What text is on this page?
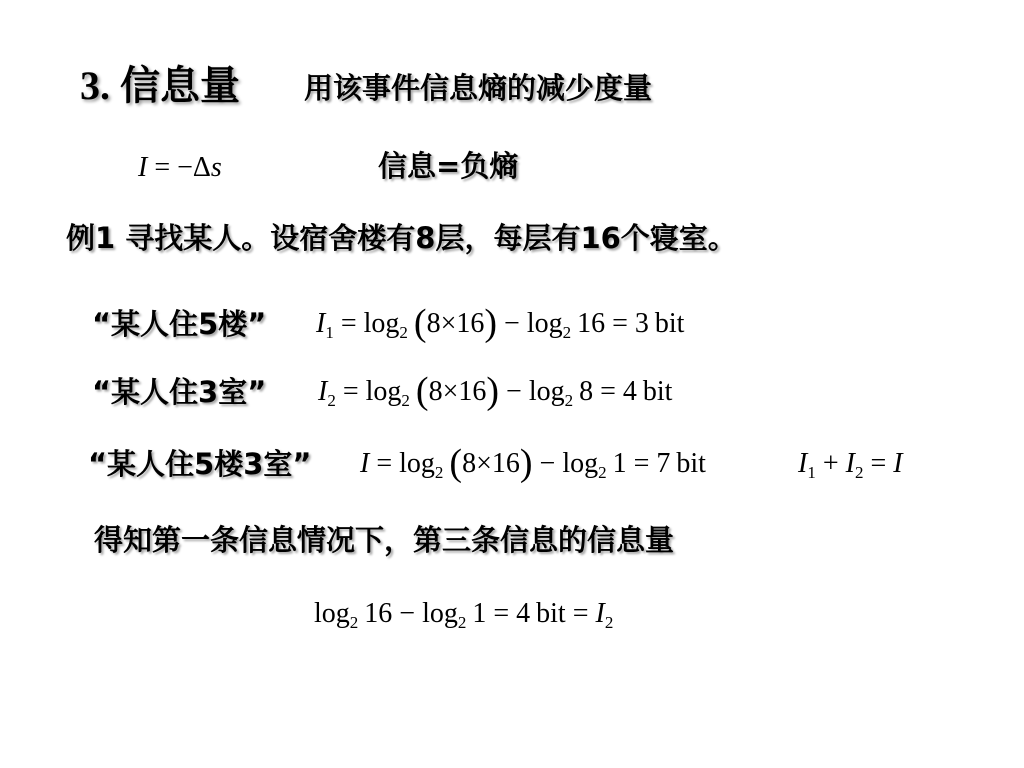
3. 信息量 用该事件信息熵的减少度量
I = −Δs	信息=负熵
例1 寻找某人。设宿舍楼有8层，每层有16个寝室。
“某人住5楼”
“某人住3室”
“某人住5楼3室”
$I_1 = \log_2 (8\times 16) - \log_2 16 = 3$ bit
$I_2 = \log_2 (8\times 16) - \log_2 8 = 4$ bit
$I = \log_2 (8\times 16) - \log_2 1 = 7$ bit	$I_1 + I_2 = I$
得知第一条信息情况下，第三条信息的信息量
$\log_2 16 - \log_2 1 = 4$ bit = $I_2$
